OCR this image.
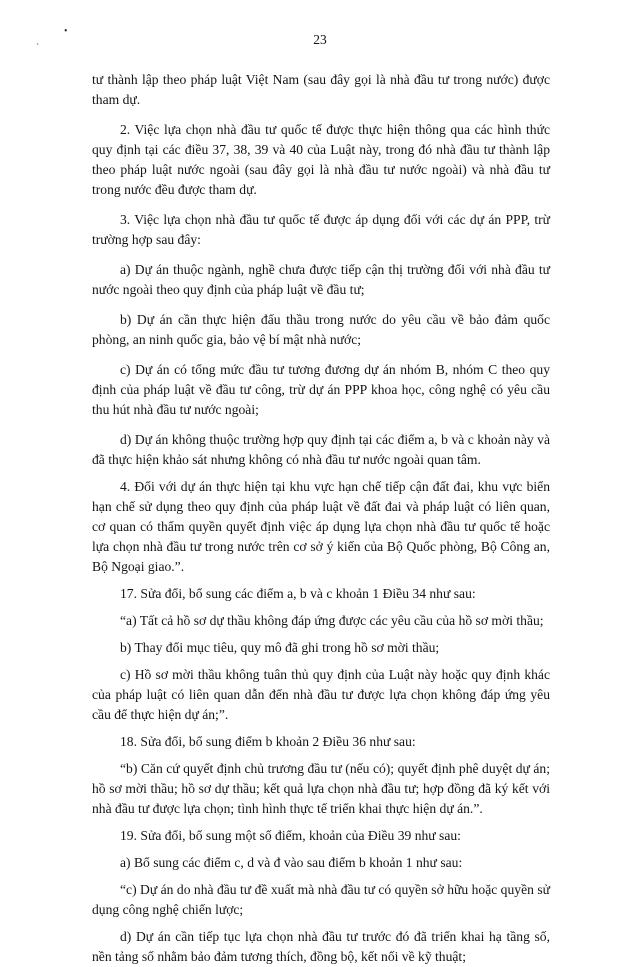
•
`
23

tư thành lập theo pháp luật Việt Nam (sau đây gọi là nhà đầu tư trong nước) được tham dự.

2. Việc lựa chọn nhà đầu tư quốc tế được thực hiện thông qua các hình thức quy định tại các điều 37, 38, 39 và 40 của Luật này, trong đó nhà đầu tư thành lập theo pháp luật nước ngoài (sau đây gọi là nhà đầu tư nước ngoài) và nhà đầu tư trong nước đều được tham dự.

3. Việc lựa chọn nhà đầu tư quốc tế được áp dụng đối với các dự án PPP, trừ trường hợp sau đây:

a) Dự án thuộc ngành, nghề chưa được tiếp cận thị trường đối với nhà đầu tư nước ngoài theo quy định của pháp luật về đầu tư;

b) Dự án cần thực hiện đấu thầu trong nước do yêu cầu về bảo đảm quốc phòng, an ninh quốc gia, bảo vệ bí mật nhà nước;

c) Dự án có tổng mức đầu tư tương đương dự án nhóm B, nhóm C theo quy định của pháp luật về đầu tư công, trừ dự án PPP khoa học, công nghệ có yêu cầu thu hút nhà đầu tư nước ngoài;

d) Dự án không thuộc trường hợp quy định tại các điểm a, b và c khoản này và đã thực hiện khảo sát nhưng không có nhà đầu tư nước ngoài quan tâm.

4. Đối với dự án thực hiện tại khu vực hạn chế tiếp cận đất đai, khu vực biển hạn chế sử dụng theo quy định của pháp luật về đất đai và pháp luật có liên quan, cơ quan có thẩm quyền quyết định việc áp dụng lựa chọn nhà đầu tư quốc tế hoặc lựa chọn nhà đầu tư trong nước trên cơ sở ý kiến của Bộ Quốc phòng, Bộ Công an, Bộ Ngoại giao.”.

17. Sửa đổi, bổ sung các điểm a, b và c khoản 1 Điều 34 như sau:

“a) Tất cả hồ sơ dự thầu không đáp ứng được các yêu cầu của hồ sơ mời thầu;

b) Thay đổi mục tiêu, quy mô đã ghi trong hồ sơ mời thầu;

c) Hồ sơ mời thầu không tuân thủ quy định của Luật này hoặc quy định khác của pháp luật có liên quan dẫn đến nhà đầu tư được lựa chọn không đáp ứng yêu cầu để thực hiện dự án;”.

18. Sửa đổi, bổ sung điểm b khoản 2 Điều 36 như sau:

“b) Căn cứ quyết định chủ trương đầu tư (nếu có); quyết định phê duyệt dự án; hồ sơ mời thầu; hồ sơ dự thầu; kết quả lựa chọn nhà đầu tư; hợp đồng đã ký kết với nhà đầu tư được lựa chọn; tình hình thực tế triển khai thực hiện dự án.”.

19. Sửa đổi, bổ sung một số điểm, khoản của Điều 39 như sau:

a) Bổ sung các điểm c, d và đ vào sau điểm b khoản 1 như sau:

“c) Dự án do nhà đầu tư đề xuất mà nhà đầu tư có quyền sở hữu hoặc quyền sử dụng công nghệ chiến lược;

d) Dự án cần tiếp tục lựa chọn nhà đầu tư trước đó đã triển khai hạ tầng số, nền tảng số nhằm bảo đảm tương thích, đồng bộ, kết nối về kỹ thuật;
